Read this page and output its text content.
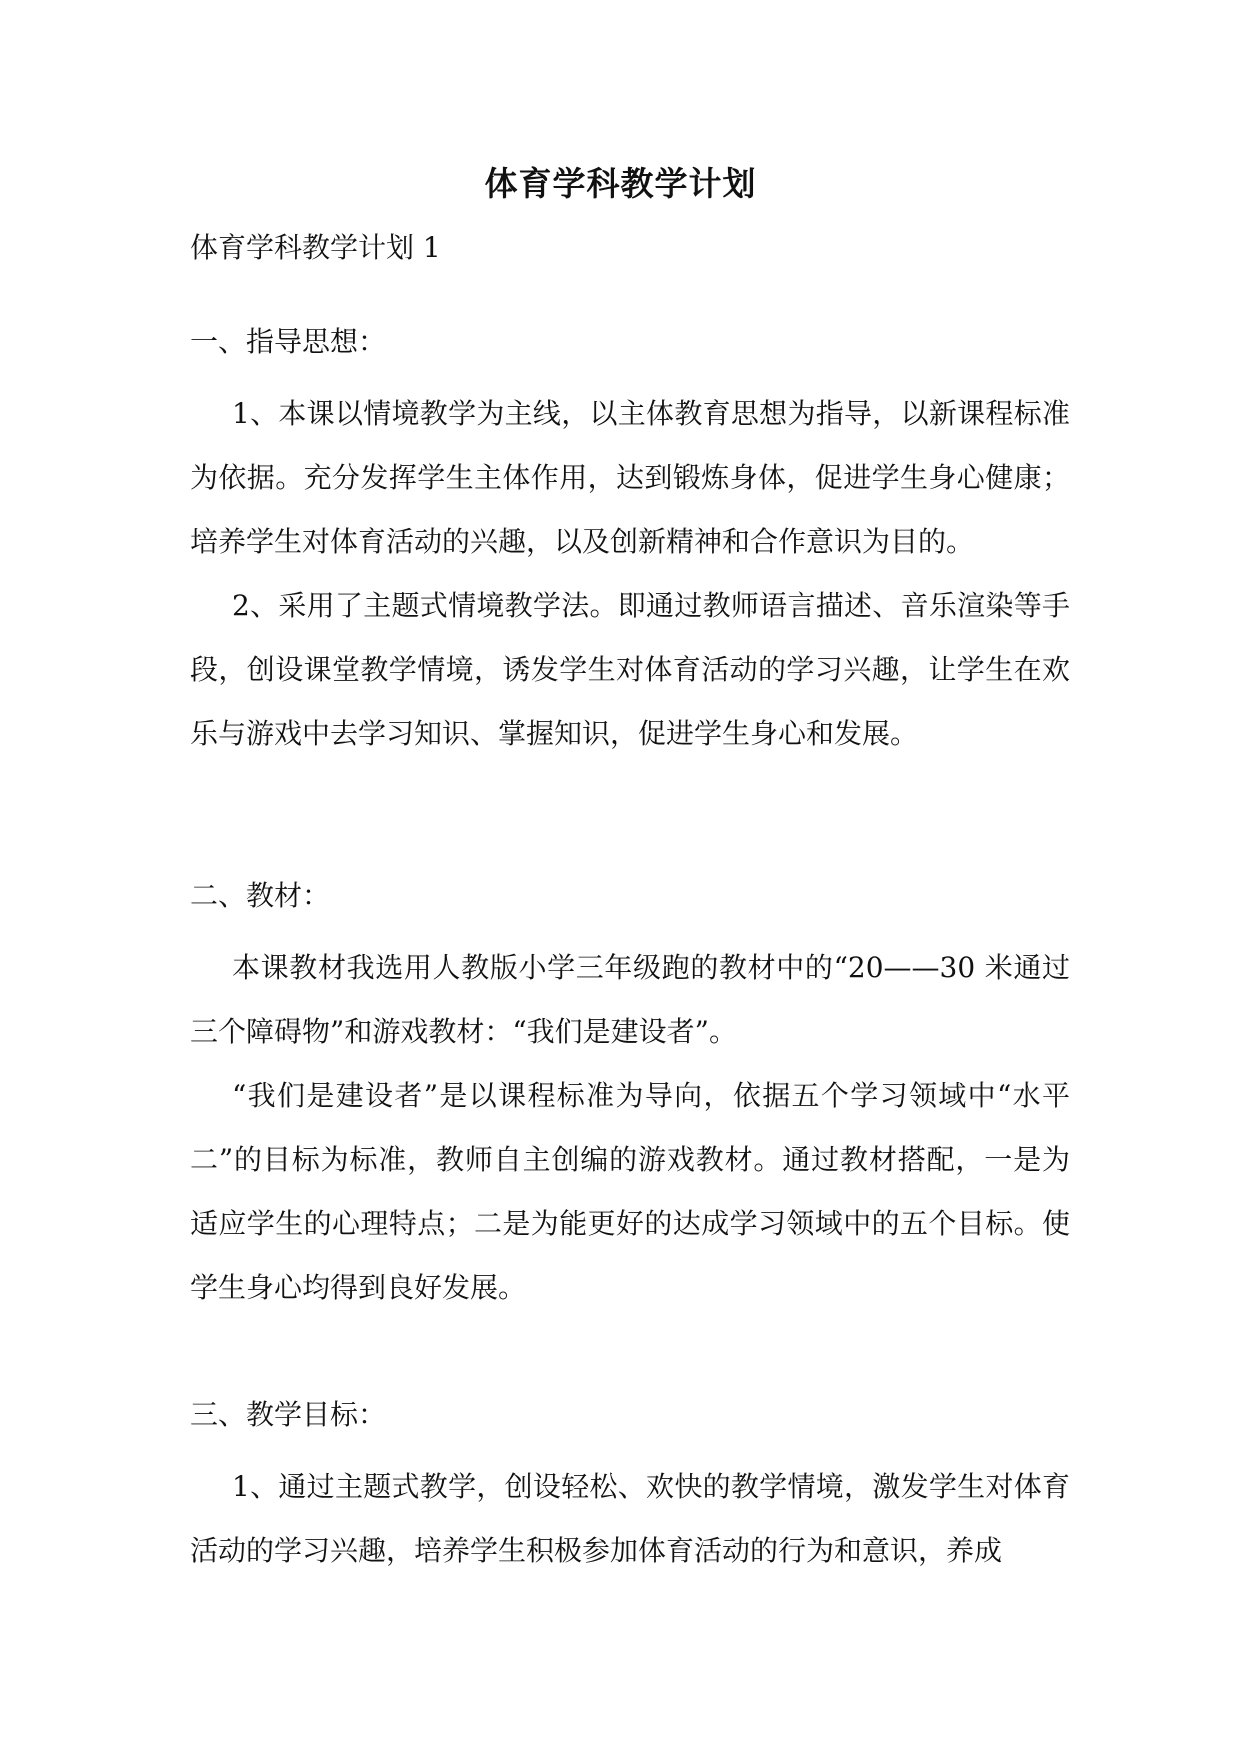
体育学科教学计划
体育学科教学计划 1

一、指导思想：

1、本课以情境教学为主线，以主体教育思想为指导，以新课程标准为依据。充分发挥学生主体作用，达到锻炼身体，促进学生身心健康；培养学生对体育活动的兴趣，以及创新精神和合作意识为目的。

2、采用了主题式情境教学法。即通过教师语言描述、音乐渲染等手段，创设课堂教学情境，诱发学生对体育活动的学习兴趣，让学生在欢乐与游戏中去学习知识、掌握知识，促进学生身心和发展。

二、教材：

本课教材我选用人教版小学三年级跑的教材中的“20——30 米通过三个障碍物”和游戏教材：“我们是建设者”。

“我们是建设者”是以课程标准为导向，依据五个学习领域中“水平二”的目标为标准，教师自主创编的游戏教材。通过教材搭配，一是为适应学生的心理特点；二是为能更好的达成学习领域中的五个目标。使学生身心均得到良好发展。

三、教学目标：

1、通过主题式教学，创设轻松、欢快的教学情境，激发学生对体育活动的学习兴趣，培养学生积极参加体育活动的行为和意识，养成
